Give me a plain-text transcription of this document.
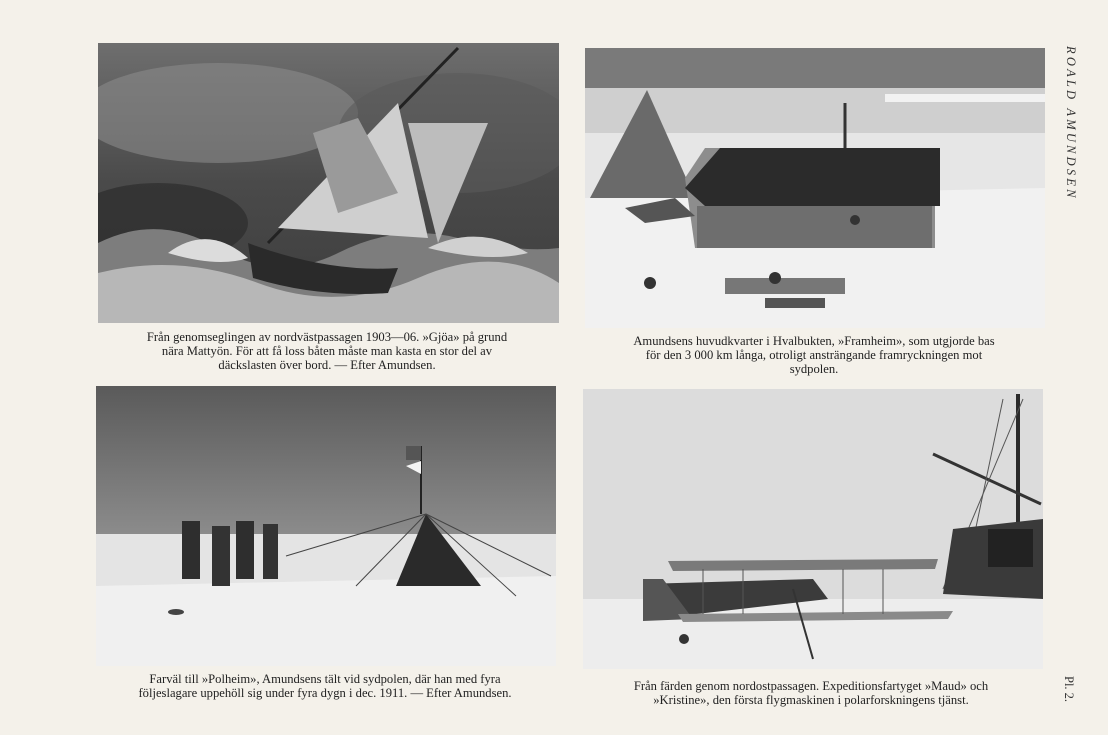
Från genomseglingen av nordvästpassagen 1903—06. »Gjöa» på grund
nära Mattyön. För att få loss båten måste man kasta en stor del av
däckslasten över bord. — Efter Amundsen.
Amundsens huvudkvarter i Hvalbukten, »Framheim», som utgjorde bas
för den 3 000 km långa, otroligt ansträngande framryckningen mot
sydpolen.
Farväl till »Polheim», Amundsens tält vid sydpolen, där han med fyra
följeslagare uppehöll sig under fyra dygn i dec. 1911. — Efter Amundsen.	Från färden genom nordostpassagen. Expeditionsfartyget »Maud» och
»Kristine», den första flygmaskinen i polarforskningens tjänst.
ROALD AMUNDSEN
Pl. 2.
